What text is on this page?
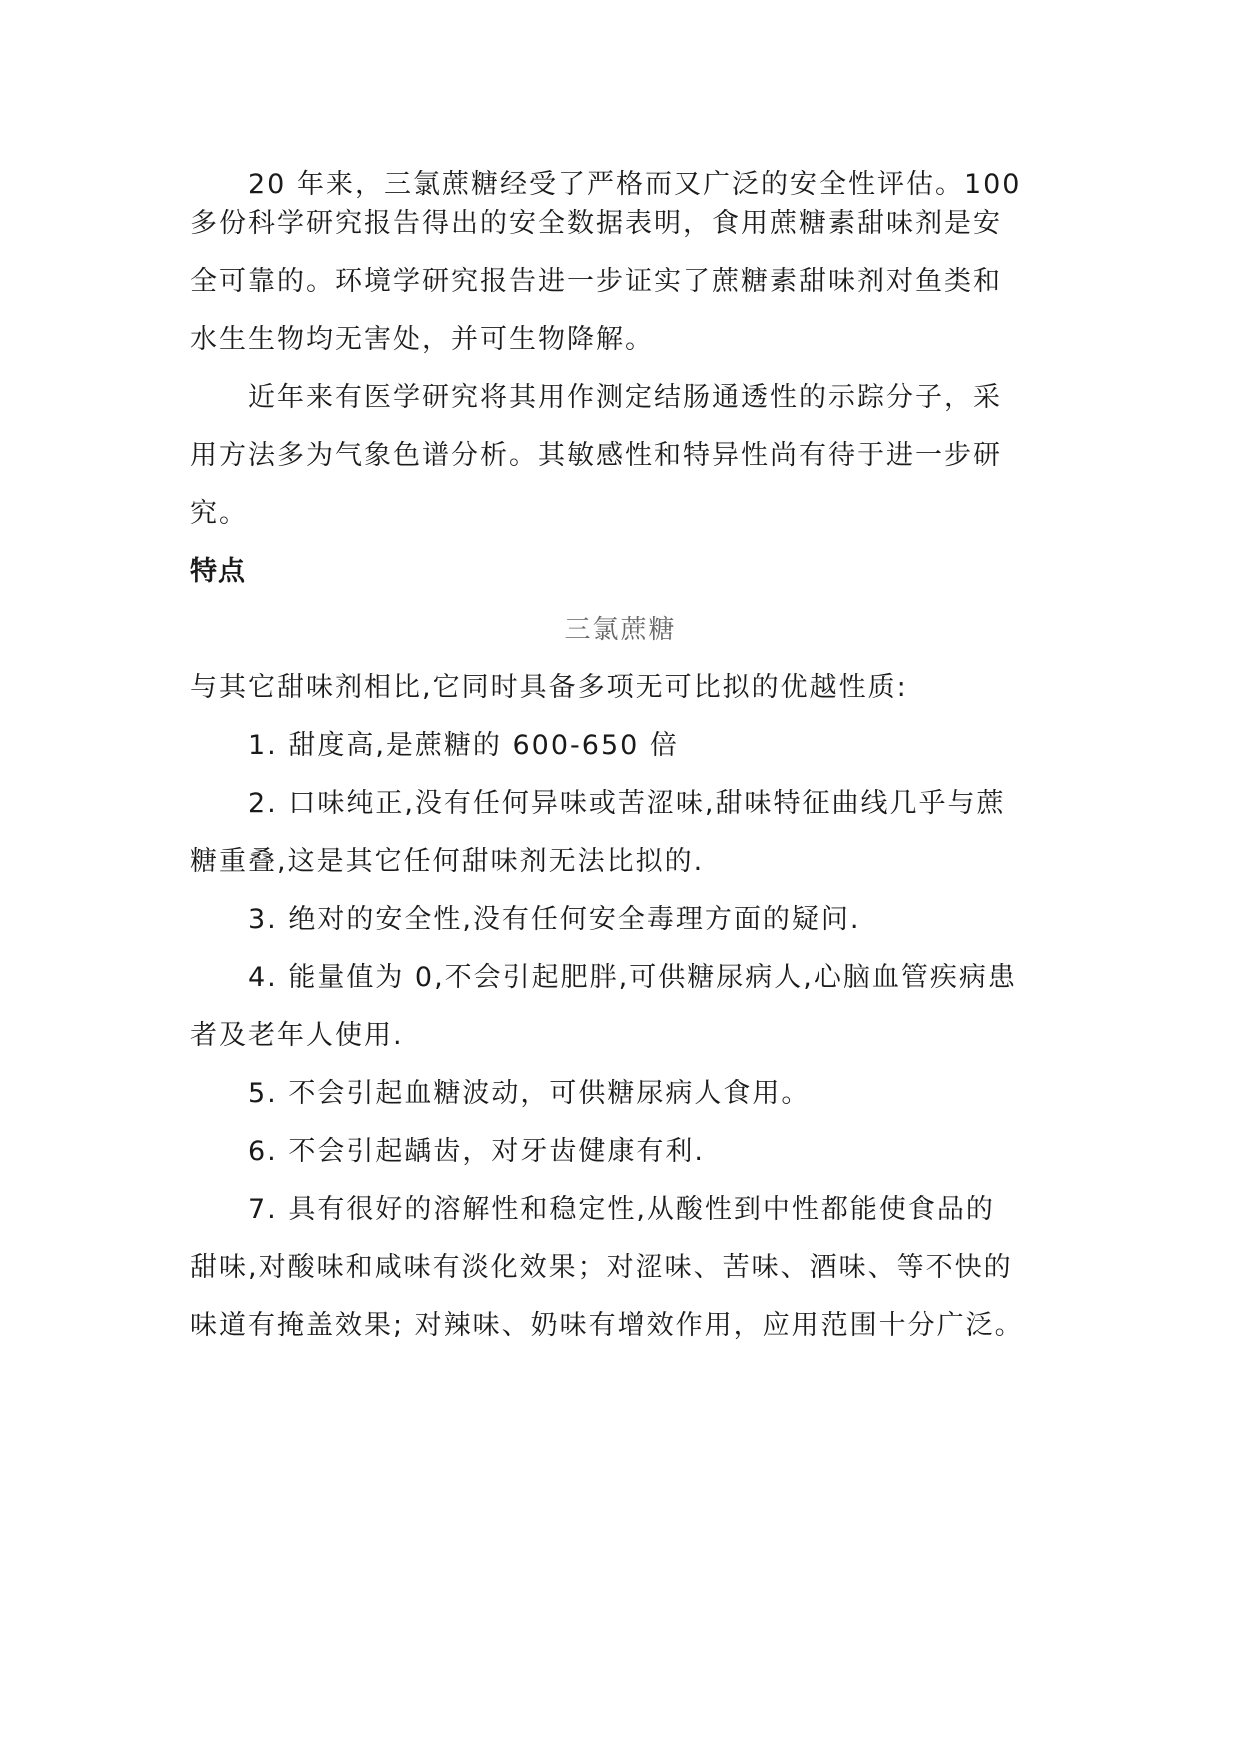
20 年来，三氯蔗糖经受了严格而又广泛的安全性评估。100

多份科学研究报告得出的安全数据表明，食用蔗糖素甜味剂是安

全可靠的。环境学研究报告进一步证实了蔗糖素甜味剂对鱼类和

水生生物均无害处，并可生物降解。

近年来有医学研究将其用作测定结肠通透性的示踪分子，采

用方法多为气象色谱分析。其敏感性和特异性尚有待于进一步研

究。

特点

三氯蔗糖

与其它甜味剂相比,它同时具备多项无可比拟的优越性质:

1. 甜度高,是蔗糖的 600-650 倍

2. 口味纯正,没有任何异味或苦涩味,甜味特征曲线几乎与蔗

糖重叠,这是其它任何甜味剂无法比拟的.

3. 绝对的安全性,没有任何安全毒理方面的疑问.

4. 能量值为 0,不会引起肥胖,可供糖尿病人,心脑血管疾病患

者及老年人使用.

5. 不会引起血糖波动，可供糖尿病人食用。

6. 不会引起龋齿，对牙齿健康有利.

7. 具有很好的溶解性和稳定性,从酸性到中性都能使食品的

甜味,对酸味和咸味有淡化效果；对涩味、苦味、酒味、等不快的

味道有掩盖效果; 对辣味、奶味有增效作用，应用范围十分广泛。
